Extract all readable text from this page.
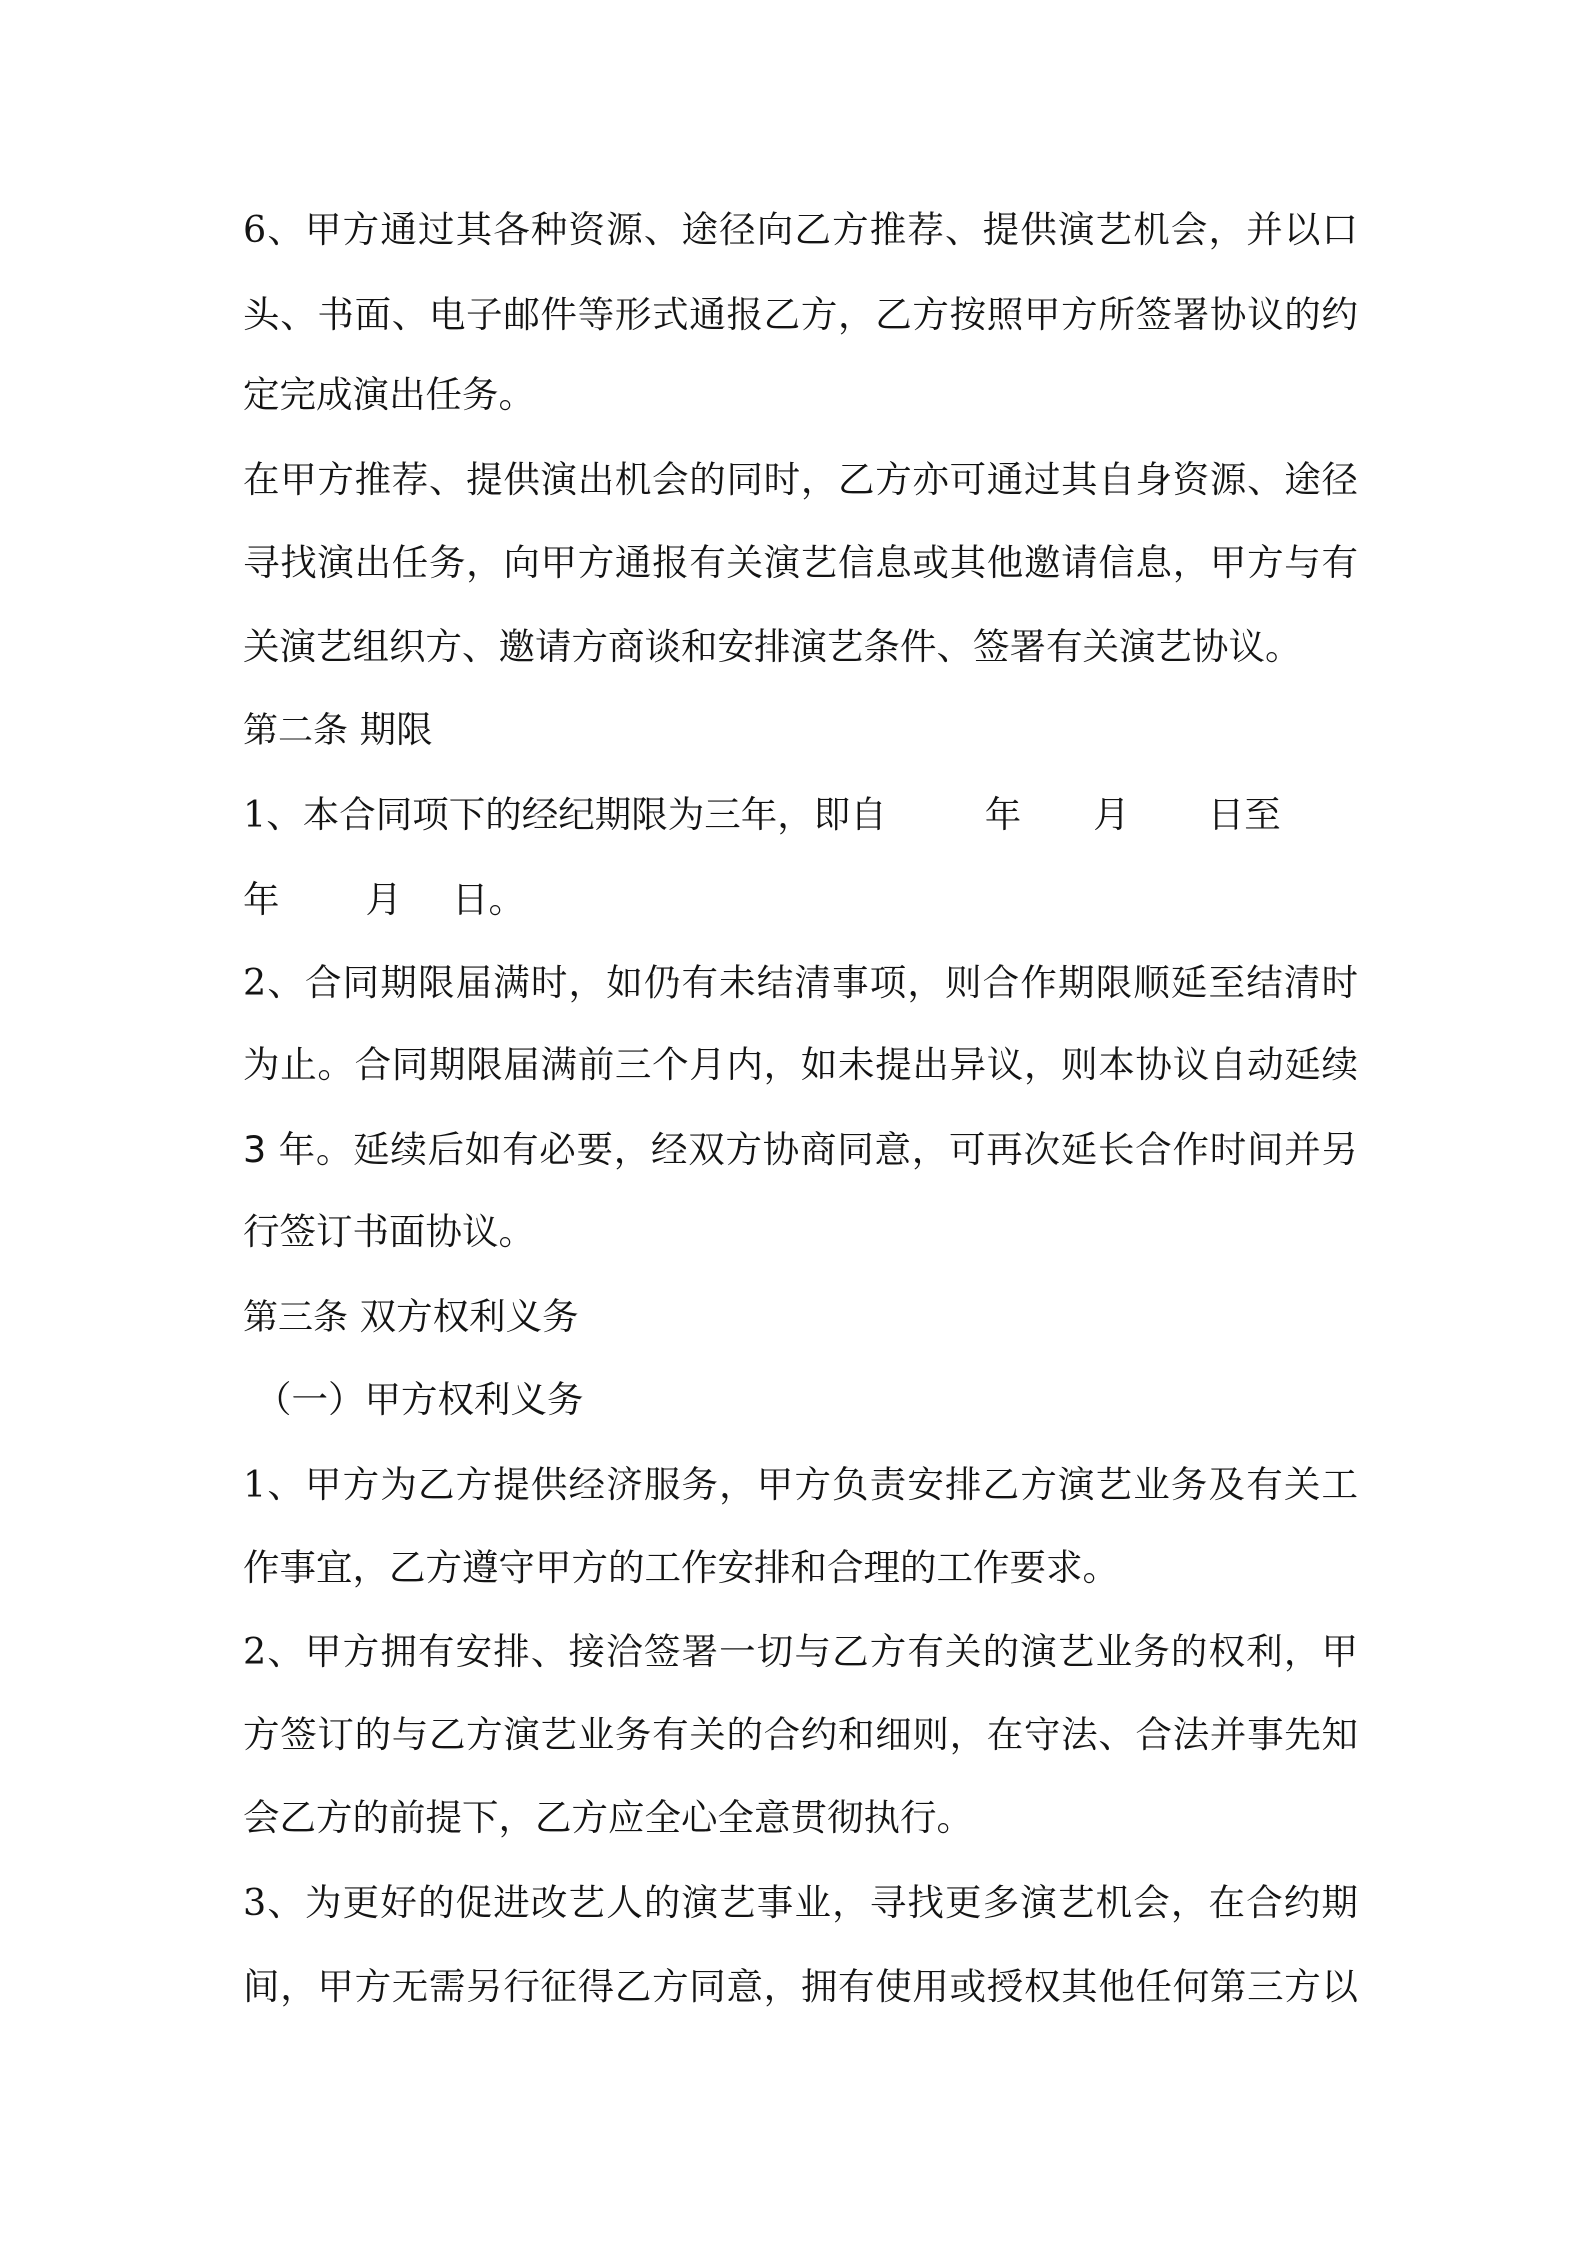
6、甲方通过其各种资源、途径向乙方推荐、提供演艺机会，并以口
头、书面、电子邮件等形式通报乙方，乙方按照甲方所签署协议的约
定完成演出任务。
在甲方推荐、提供演出机会的同时，乙方亦可通过其自身资源、途径
寻找演出任务，向甲方通报有关演艺信息或其他邀请信息，甲方与有
关演艺组织方、邀请方商谈和安排演艺条件、签署有关演艺协议。
第二条 期限
1、本合同项下的经纪期限为三年，即自	年 月 日至
年 月 日。
2、合同期限届满时，如仍有未结清事项，则合作期限顺延至结清时
为止。合同期限届满前三个月内，如未提出异议，则本协议自动延续
3 年。延续后如有必要，经双方协商同意，可再次延长合作时间并另
行签订书面协议。
第三条 双方权利义务
（一）甲方权利义务
1、甲方为乙方提供经济服务，甲方负责安排乙方演艺业务及有关工
作事宜，乙方遵守甲方的工作安排和合理的工作要求。
2、甲方拥有安排、接洽签署一切与乙方有关的演艺业务的权利，甲
方签订的与乙方演艺业务有关的合约和细则，在守法、合法并事先知
会乙方的前提下，乙方应全心全意贯彻执行。
3、为更好的促进改艺人的演艺事业，寻找更多演艺机会，在合约期
间，甲方无需另行征得乙方同意，拥有使用或授权其他任何第三方以
